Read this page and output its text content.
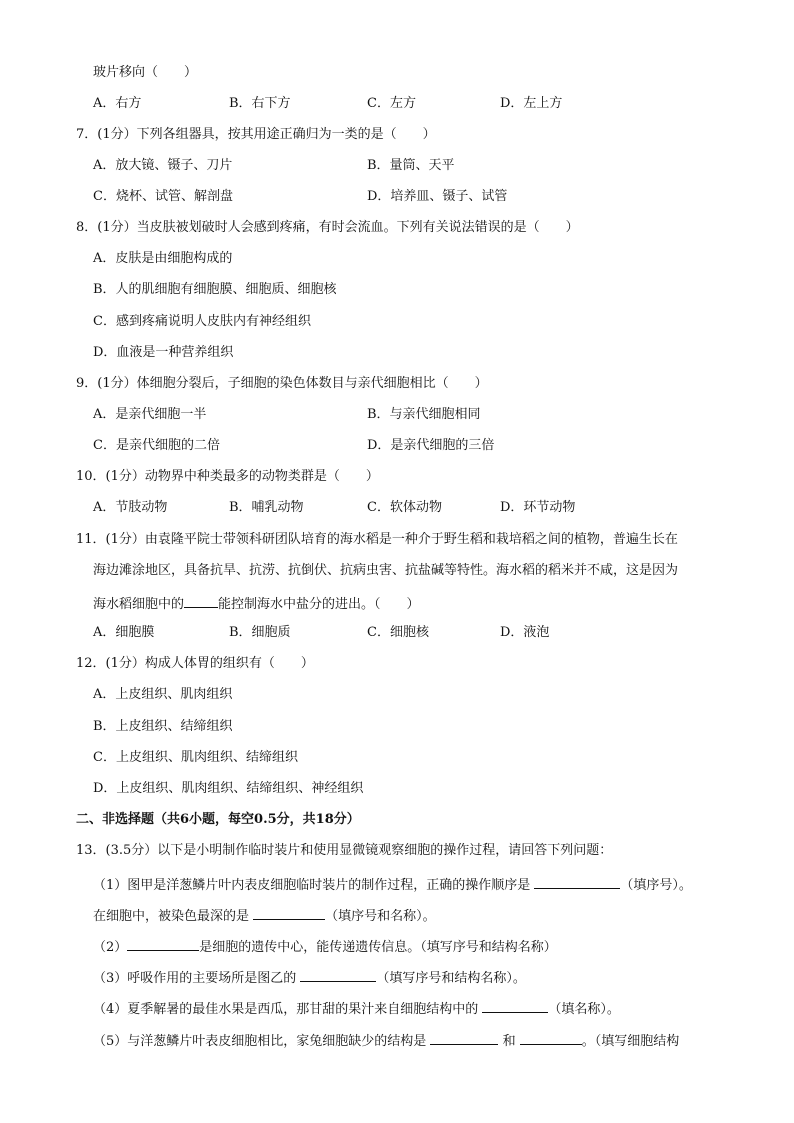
玻片移向（　　）
A．右方	B．右下方	C．左方	D．左上方
7．(1分）下列各组器具，按其用途正确归为一类的是（　　）
A．放大镜、镊子、刀片	B．量筒、天平
C．烧杯、试管、解剖盘	D．培养皿、镊子、试管
8．(1分）当皮肤被划破时人会感到疼痛，有时会流血。下列有关说法错误的是（　　）
A．皮肤是由细胞构成的
B．人的肌细胞有细胞膜、细胞质、细胞核
C．感到疼痛说明人皮肤内有神经组织
D．血液是一种营养组织
9．(1分）体细胞分裂后，子细胞的染色体数目与亲代细胞相比（　　）
A．是亲代细胞一半	B．与亲代细胞相同
C．是亲代细胞的二倍	D．是亲代细胞的三倍
10．(1分）动物界中种类最多的动物类群是（　　）
A．节肢动物	B．哺乳动物	C．软体动物	D．环节动物
11．(1分）由袁隆平院士带领科研团队培育的海水稻是一种介于野生稻和栽培稻之间的植物，普遍生长在
海边滩涂地区，具备抗旱、抗涝、抗倒伏、抗病虫害、抗盐碱等特性。海水稻的稻米并不咸，这是因为
海水稻细胞中的	能控制海水中盐分的进出。（　　）
A．细胞膜	B．细胞质	C．细胞核	D．液泡
12．(1分）构成人体胃的组织有（　　）
A．上皮组织、肌肉组织
B．上皮组织、结缔组织
C．上皮组织、肌肉组织、结缔组织
D．上皮组织、肌肉组织、结缔组织、神经组织
二、非选择题（共6小题，每空0.5分，共18分）
13．(3.5分）以下是小明制作临时装片和使用显微镜观察细胞的操作过程，请回答下列问题：
（1）图甲是洋葱鳞片叶内表皮细胞临时装片的制作过程，正确的操作顺序是	（填序号）。
在细胞中，被染色最深的是	（填序号和名称）。
（2）	是细胞的遗传中心，能传递遗传信息。（填写序号和结构名称）
（3）呼吸作用的主要场所是图乙的	（填写序号和结构名称）。
（4）夏季解暑的最佳水果是西瓜，那甘甜的果汁来自细胞结构中的	（填名称）。
（5）与洋葱鳞片叶表皮细胞相比，家兔细胞缺少的结构是	和	。（填写细胞结构
